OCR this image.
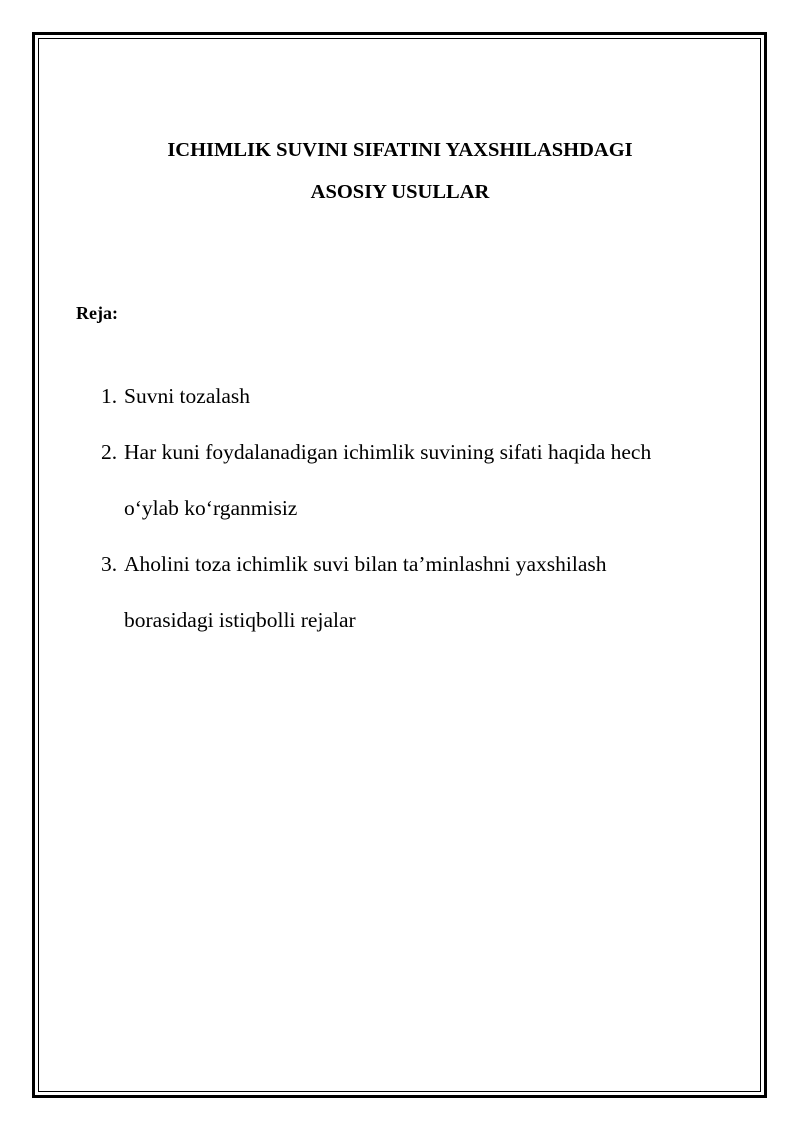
ICHIMLIK SUVINI SIFATINI YAXSHILASHDAGI
ASOSIY USULLAR

Reja:

1. Suvni tozalash
2. Har kuni foydalanadigan ichimlik suvining sifati haqida hech
o‘ylab ko‘rganmisiz
3. Aholini toza ichimlik suvi bilan ta’minlashni yaxshilash
borasidagi istiqbolli rejalar
